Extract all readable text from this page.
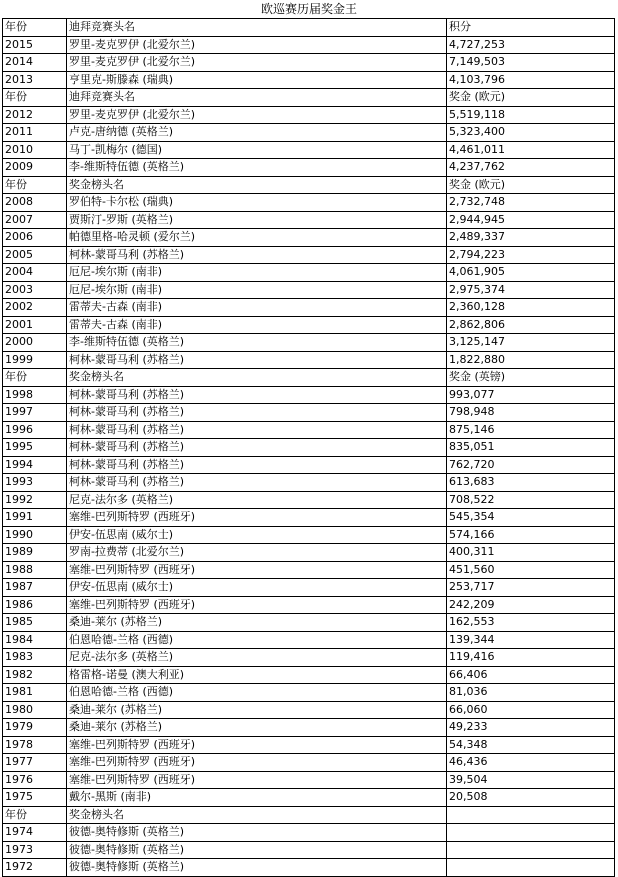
欧巡赛历届奖金王
年份	迪拜竞赛头名	积分
2015	罗里-麦克罗伊 (北爱尔兰)	4,727,253
2014	罗里-麦克罗伊 (北爱尔兰)	7,149,503
2013	亨里克-斯滕森 (瑞典)	4,103,796
年份	迪拜竞赛头名	奖金 (欧元)
2012	罗里-麦克罗伊 (北爱尔兰)	5,519,118
2011	卢克-唐纳德 (英格兰)	5,323,400
2010	马丁-凯梅尔 (德国)	4,461,011
2009	李-维斯特伍德 (英格兰)	4,237,762
年份	奖金榜头名	奖金 (欧元)
2008	罗伯特-卡尔松 (瑞典)	2,732,748
2007	贾斯汀-罗斯 (英格兰)	2,944,945
2006	帕德里格-哈灵顿 (爱尔兰)	2,489,337
2005	柯林-蒙哥马利 (苏格兰)	2,794,223
2004	厄尼-埃尔斯 (南非)	4,061,905
2003	厄尼-埃尔斯 (南非)	2,975,374
2002	雷蒂夫-古森 (南非)	2,360,128
2001	雷蒂夫-古森 (南非)	2,862,806
2000	李-维斯特伍德 (英格兰)	3,125,147
1999	柯林-蒙哥马利 (苏格兰)	1,822,880
年份	奖金榜头名	奖金 (英镑)
1998	柯林-蒙哥马利 (苏格兰)	993,077
1997	柯林-蒙哥马利 (苏格兰)	798,948
1996	柯林-蒙哥马利 (苏格兰)	875,146
1995	柯林-蒙哥马利 (苏格兰)	835,051
1994	柯林-蒙哥马利 (苏格兰)	762,720
1993	柯林-蒙哥马利 (苏格兰)	613,683
1992	尼克-法尔多 (英格兰)	708,522
1991	塞维-巴列斯特罗 (西班牙)	545,354
1990	伊安-伍思南 (威尔士)	574,166
1989	罗南-拉费蒂 (北爱尔兰)	400,311
1988	塞维-巴列斯特罗 (西班牙)	451,560
1987	伊安-伍思南 (威尔士)	253,717
1986	塞维-巴列斯特罗 (西班牙)	242,209
1985	桑迪-莱尔 (苏格兰)	162,553
1984	伯恩哈德-兰格 (西德)	139,344
1983	尼克-法尔多 (英格兰)	119,416
1982	格雷格-诺曼 (澳大利亚)	66,406
1981	伯恩哈德-兰格 (西德)	81,036
1980	桑迪-莱尔 (苏格兰)	66,060
1979	桑迪-莱尔 (苏格兰)	49,233
1978	塞维-巴列斯特罗 (西班牙)	54,348
1977	塞维-巴列斯特罗 (西班牙)	46,436
1976	塞维-巴列斯特罗 (西班牙)	39,504
1975	戴尔-黑斯 (南非)	20,508
年份	奖金榜头名	
1974	彼德-奥特修斯 (英格兰)	
1973	彼德-奥特修斯 (英格兰)	
1972	彼德-奥特修斯 (英格兰)	
